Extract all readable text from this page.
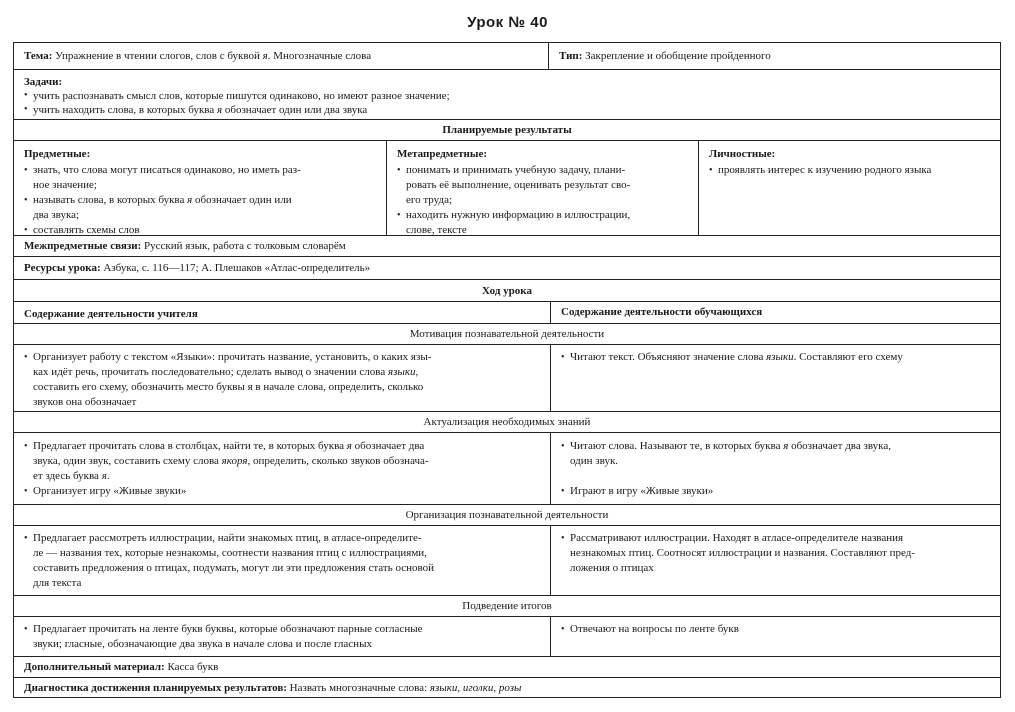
Урок № 40
Тема: Упражнение в чтении слогов, слов с буквой я. Многозначные слова	Тип: Закрепление и обобщение пройденного

Задачи:

• учить распознавать смысл слов, которые пишутся одинаково, но имеют разное значение;

• учить находить слова, в которых буква я обозначает один или два звука

Планируемые результаты

Предметные:

• знать, что слова могут писаться одинаково, но иметь раз-
ное значение;

• называть слова, в которых буква я обозначает один или
два звука;

• составлять схемы слов

Метапредметные:

• понимать и принимать учебную задачу, плани-
ровать её выполнение, оценивать результат сво-
его труда;

• находить нужную информацию в иллюстрации,
слове, тексте

Личностные:

• проявлять интерес к изучению родного языка

Межпредметные связи: Русский язык, работа с толковым словарём
Ресурсы урока: Азбука, с. 116—117; А. Плешаков «Атлас-определитель»
Ход урока
Содержание деятельности учителя	Содержание деятельности обучающихся
Мотивация познавательной деятельности

• Организует работу с текстом «Языки»: прочитать название, установить, о каких язы-
ках идёт речь, прочитать последовательно; сделать вывод о значении слова языки,
составить его схему, обозначить место буквы я в начале слова, определить, сколько
звуков она обозначает

• Читают текст. Объясняют значение слова языки. Составляют его схему

Актуализация необходимых знаний

• Предлагает прочитать слова в столбцах, найти те, в которых буква я обозначает два
звука, один звук, составить схему слова якоря, определить, сколько звуков обознача-
ет здесь буква я.

• Организует игру «Живые звуки»

• Читают слова. Называют те, в которых буква я обозначает два звука,
один звук.

• Играют в игру «Живые звуки»

Организация познавательной деятельности

• Предлагает рассмотреть иллюстрации, найти знакомых птиц, в атласе-определите-
ле — названия тех, которые незнакомы, соотнести названия птиц с иллюстрациями,
составить предложения о птицах, подумать, могут ли эти предложения стать основой
для текста

• Рассматривают иллюстрации. Находят в атласе-определителе названия
незнакомых птиц. Соотносят иллюстрации и названия. Составляют пред-
ложения о птицах

Подведение итогов

• Предлагает прочитать на ленте букв буквы, которые обозначают парные согласные
звуки; гласные, обозначающие два звука в начале слова и после гласных

• Отвечают на вопросы по ленте букв

Дополнительный материал: Касса букв
Диагностика достижения планируемых результатов: Назвать многозначные слова: языки, иголки, розы
